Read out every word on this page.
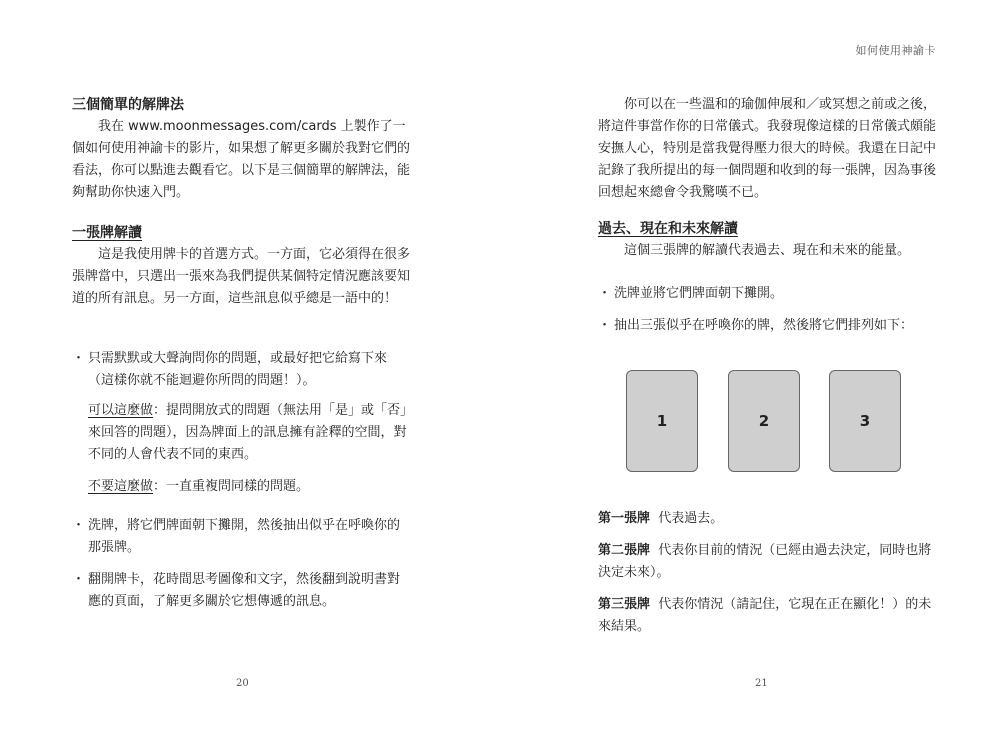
三個簡單的解牌法

我在 www.moonmessages.com/cards 上製作了一個如何使用神諭卡的影片，如果想了解更多關於我對它們的看法，你可以點進去觀看它。以下是三個簡單的解牌法，能夠幫助你快速入門。

一張牌解讀

這是我使用牌卡的首選方式。一方面，它必須得在很多張牌當中，只選出一張來為我們提供某個特定情況應該要知道的所有訊息。另一方面，這些訊息似乎總是一語中的！

・ 只需默默或大聲詢問你的問題，或最好把它給寫下來（這樣你就不能迴避你所問的問題！）。

可以這麼做：提問開放式的問題（無法用「是」或「否」來回答的問題），因為牌面上的訊息擁有詮釋的空間，對不同的人會代表不同的東西。

不要這麼做：一直重複問同樣的問題。

・ 洗牌，將它們牌面朝下攤開，然後抽出似乎在呼喚你的那張牌。

・ 翻開牌卡，花時間思考圖像和文字，然後翻到說明書對應的頁面，了解更多關於它想傳遞的訊息。

20
如何使用神諭卡

你可以在一些溫和的瑜伽伸展和／或冥想之前或之後，將這件事當作你的日常儀式。我發現像這樣的日常儀式頗能安撫人心，特別是當我覺得壓力很大的時候。我還在日記中記錄了我所提出的每一個問題和收到的每一張牌，因為事後回想起來總會令我驚嘆不已。

過去、現在和未來解讀

這個三張牌的解讀代表過去、現在和未來的能量。

・ 洗牌並將它們牌面朝下攤開。

・ 抽出三張似乎在呼喚你的牌，然後將它們排列如下：

1	2	3

第一張牌 代表過去。

第二張牌 代表你目前的情況（已經由過去決定，同時也將決定未來）。

第三張牌 代表你情況（請記住，它現在正在顯化！）的未來結果。

21
